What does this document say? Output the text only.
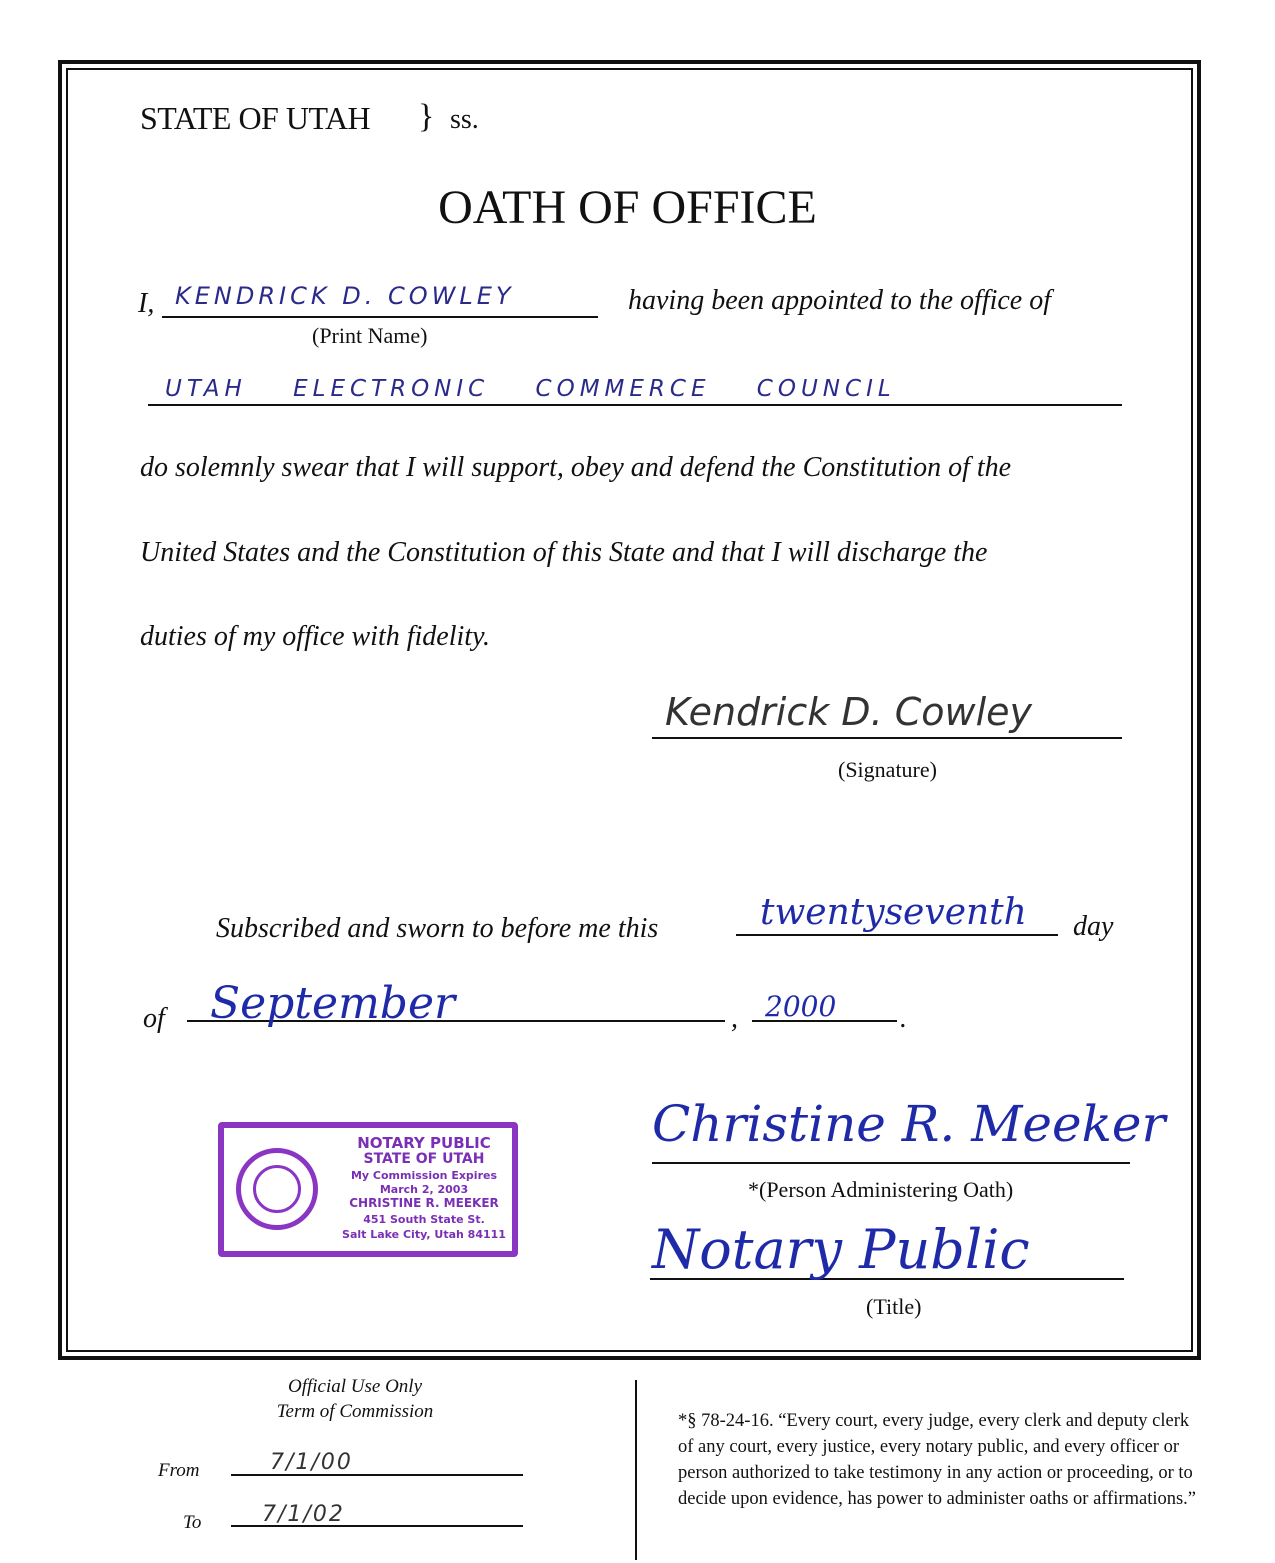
STATE OF UTAH } ss.
OATH OF OFFICE
I, KENDRICK D. COWLEY
(Print Name)
having been appointed to the office of
UTAH ELECTRONIC COMMERCE COUNCIL
do solemnly swear that I will support, obey and defend the Constitution of the
United States and the Constitution of this State and that I will discharge the
duties of my office with fidelity.
Kendrick D. Cowley
(Signature)
Subscribed and sworn to before me this	twentyseventh day
of September	, 2000 .
NOTARY PUBLIC
STATE OF UTAH
My Commission Expires
March 2, 2003
CHRISTINE R. MEEKER
451 South State St.
Salt Lake City, Utah 84111
Christine R. Meeker
*(Person Administering Oath)
Notary Public
(Title)
Official Use Only
Term of Commission
From	7/1/00
To	7/1/02
*§ 78-24-16. “Every court, every judge, every clerk and deputy clerk of any court, every justice, every notary public, and every officer or person authorized to take testimony in any action or proceeding, or to decide upon evidence, has power to administer oaths or affirmations.”
